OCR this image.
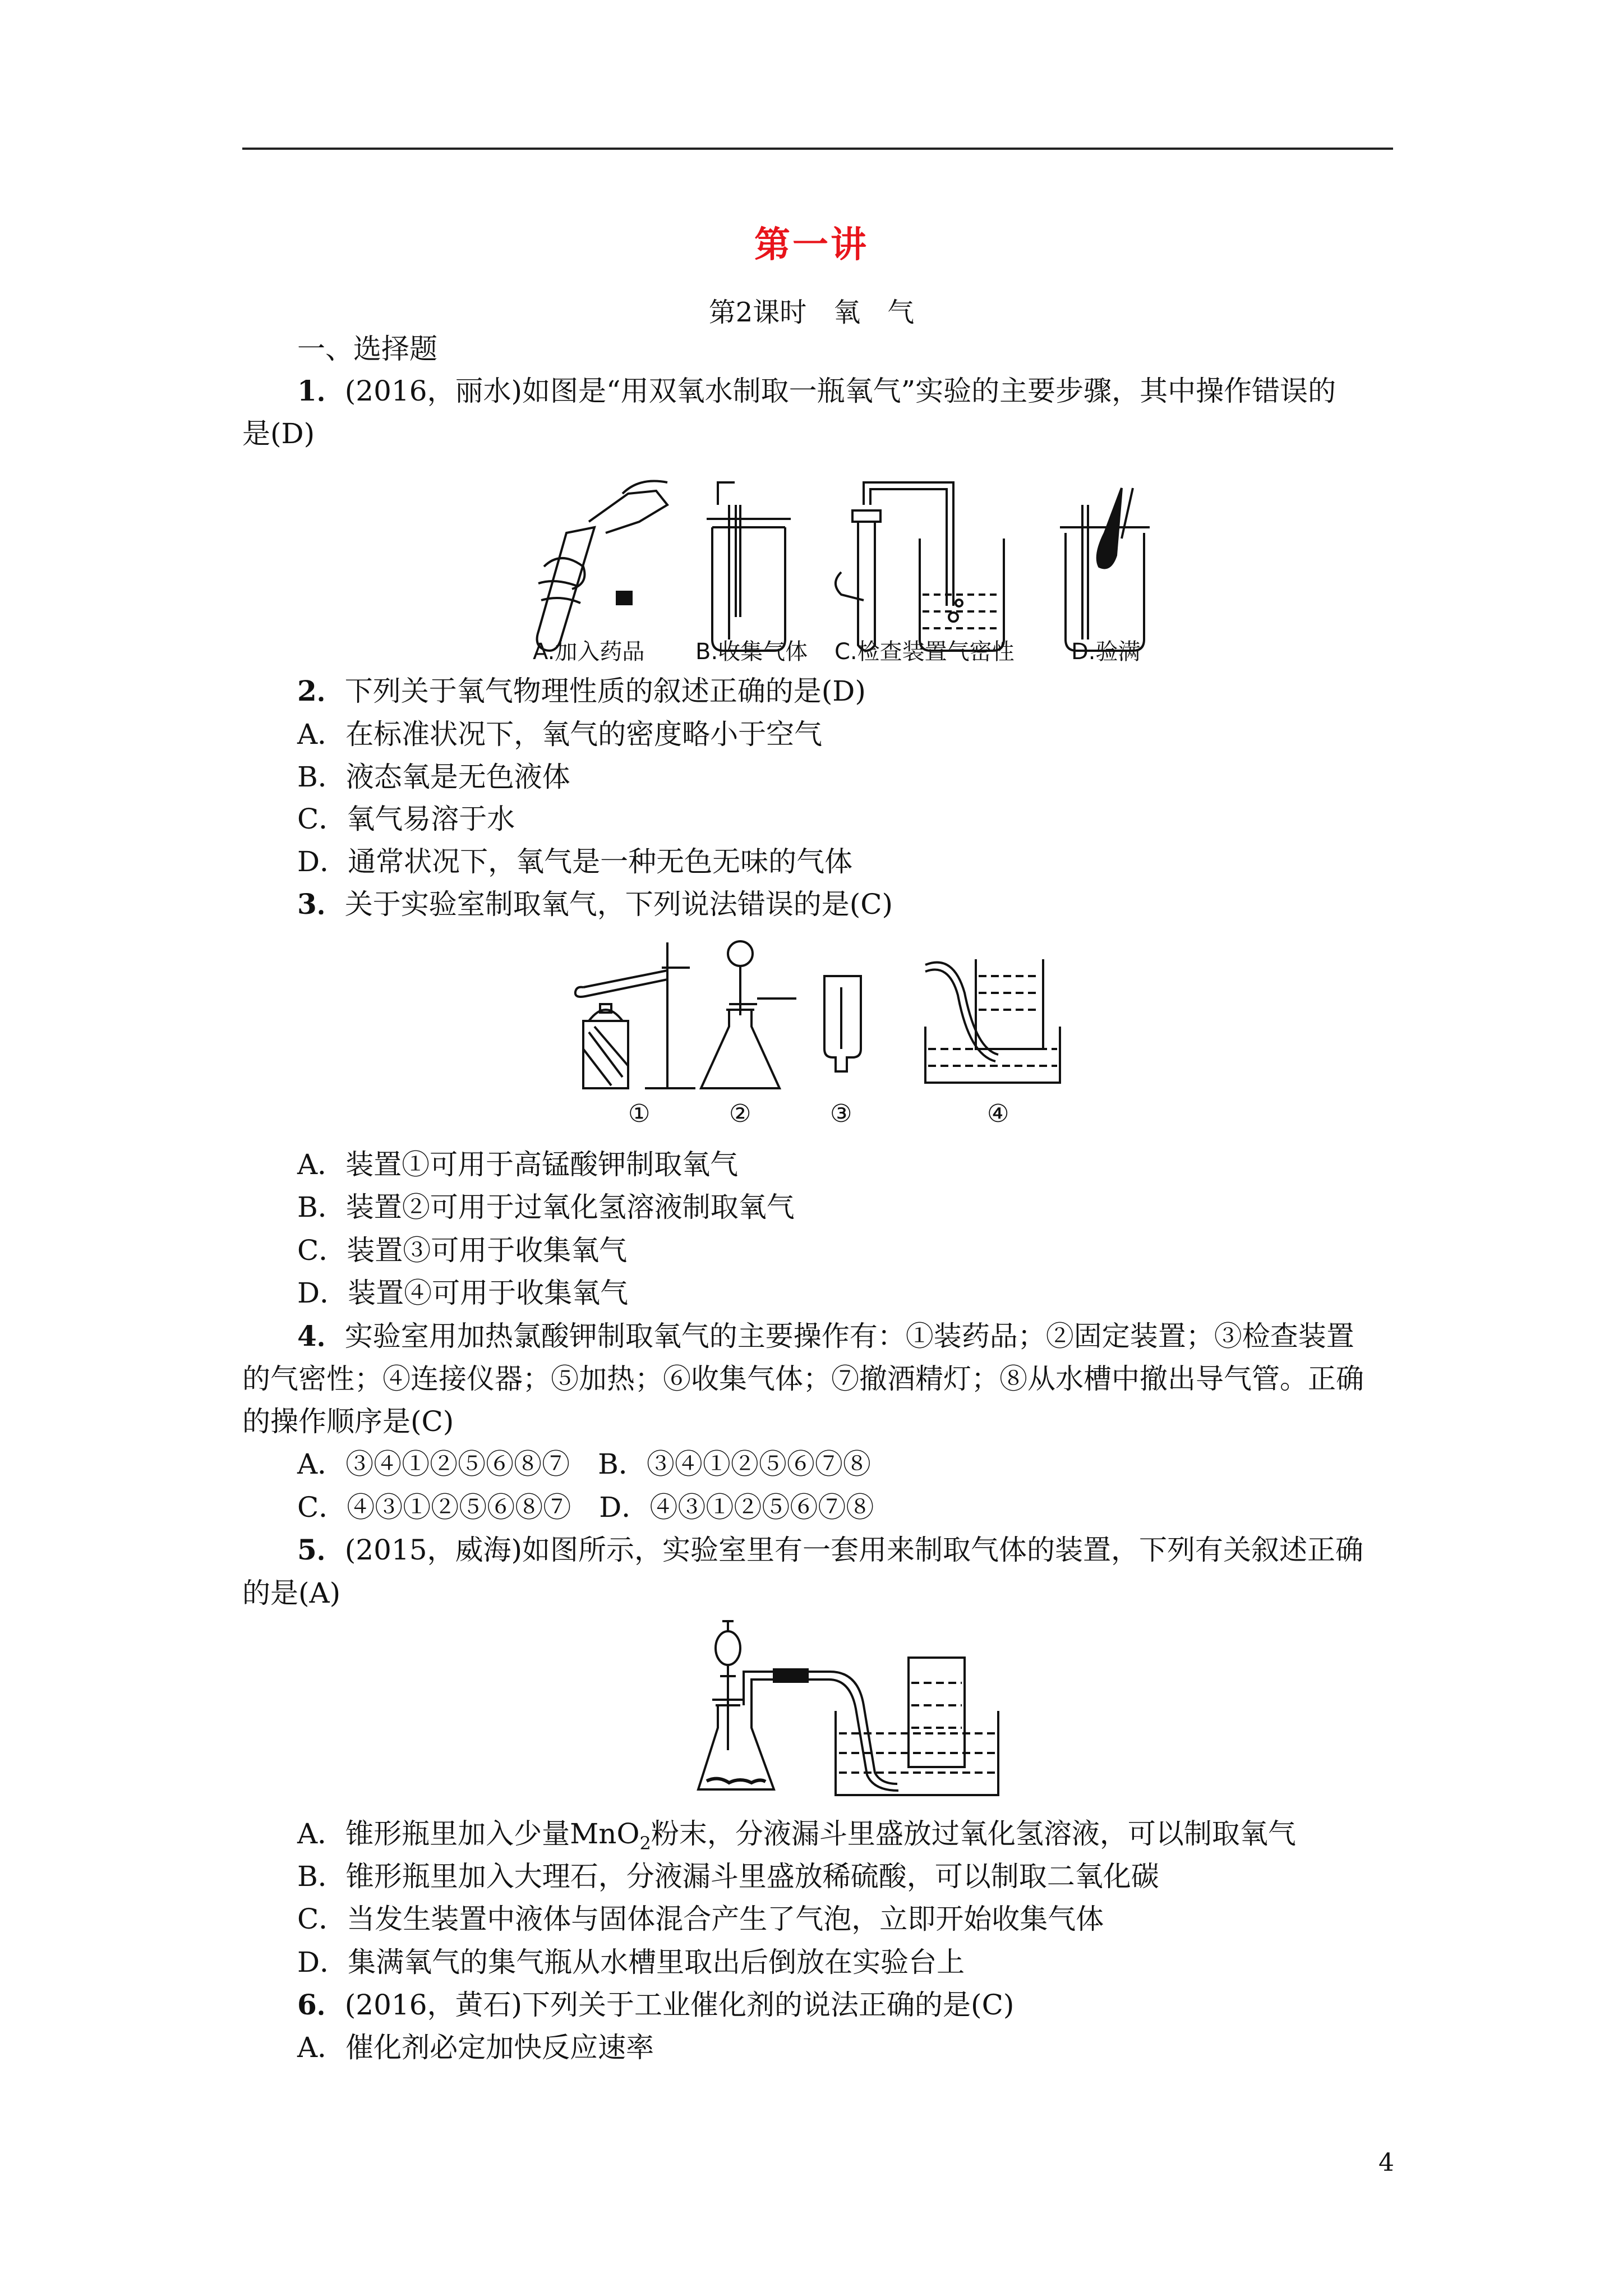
第一讲
第2课时　氧　气
一、选择题
1．(2016，丽水)如图是“用双氧水制取一瓶氧气”实验的主要步骤，其中操作错误的
是(D)
A.加入药品 B.收集气体 C.检查装置气密性	D.验满
2．下列关于氧气物理性质的叙述正确的是(D)
A．在标准状况下，氧气的密度略小于空气
B．液态氧是无色液体
C．氧气易溶于水
D．通常状况下，氧气是一种无色无味的气体
3．关于实验室制取氧气，下列说法错误的是(C)
①	②	③	④
A．装置①可用于高锰酸钾制取氧气
B．装置②可用于过氧化氢溶液制取氧气
C．装置③可用于收集氧气
D．装置④可用于收集氧气
4．实验室用加热氯酸钾制取氧气的主要操作有：①装药品；②固定装置；③检查装置
的气密性；④连接仪器；⑤加热；⑥收集气体；⑦撤酒精灯；⑧从水槽中撤出导气管。正确
的操作顺序是(C)
A．③④①②⑤⑥⑧⑦　B．③④①②⑤⑥⑦⑧
C．④③①②⑤⑥⑧⑦　D．④③①②⑤⑥⑦⑧
5．(2015，威海)如图所示，实验室里有一套用来制取气体的装置，下列有关叙述正确
的是(A)
A．锥形瓶里加入少量MnO$_2$粉末，分液漏斗里盛放过氧化氢溶液，可以制取氧气
B．锥形瓶里加入大理石，分液漏斗里盛放稀硫酸，可以制取二氧化碳
C．当发生装置中液体与固体混合产生了气泡，立即开始收集气体
D．集满氧气的集气瓶从水槽里取出后倒放在实验台上
6．(2016，黄石)下列关于工业催化剂的说法正确的是(C)
A．催化剂必定加快反应速率
4
